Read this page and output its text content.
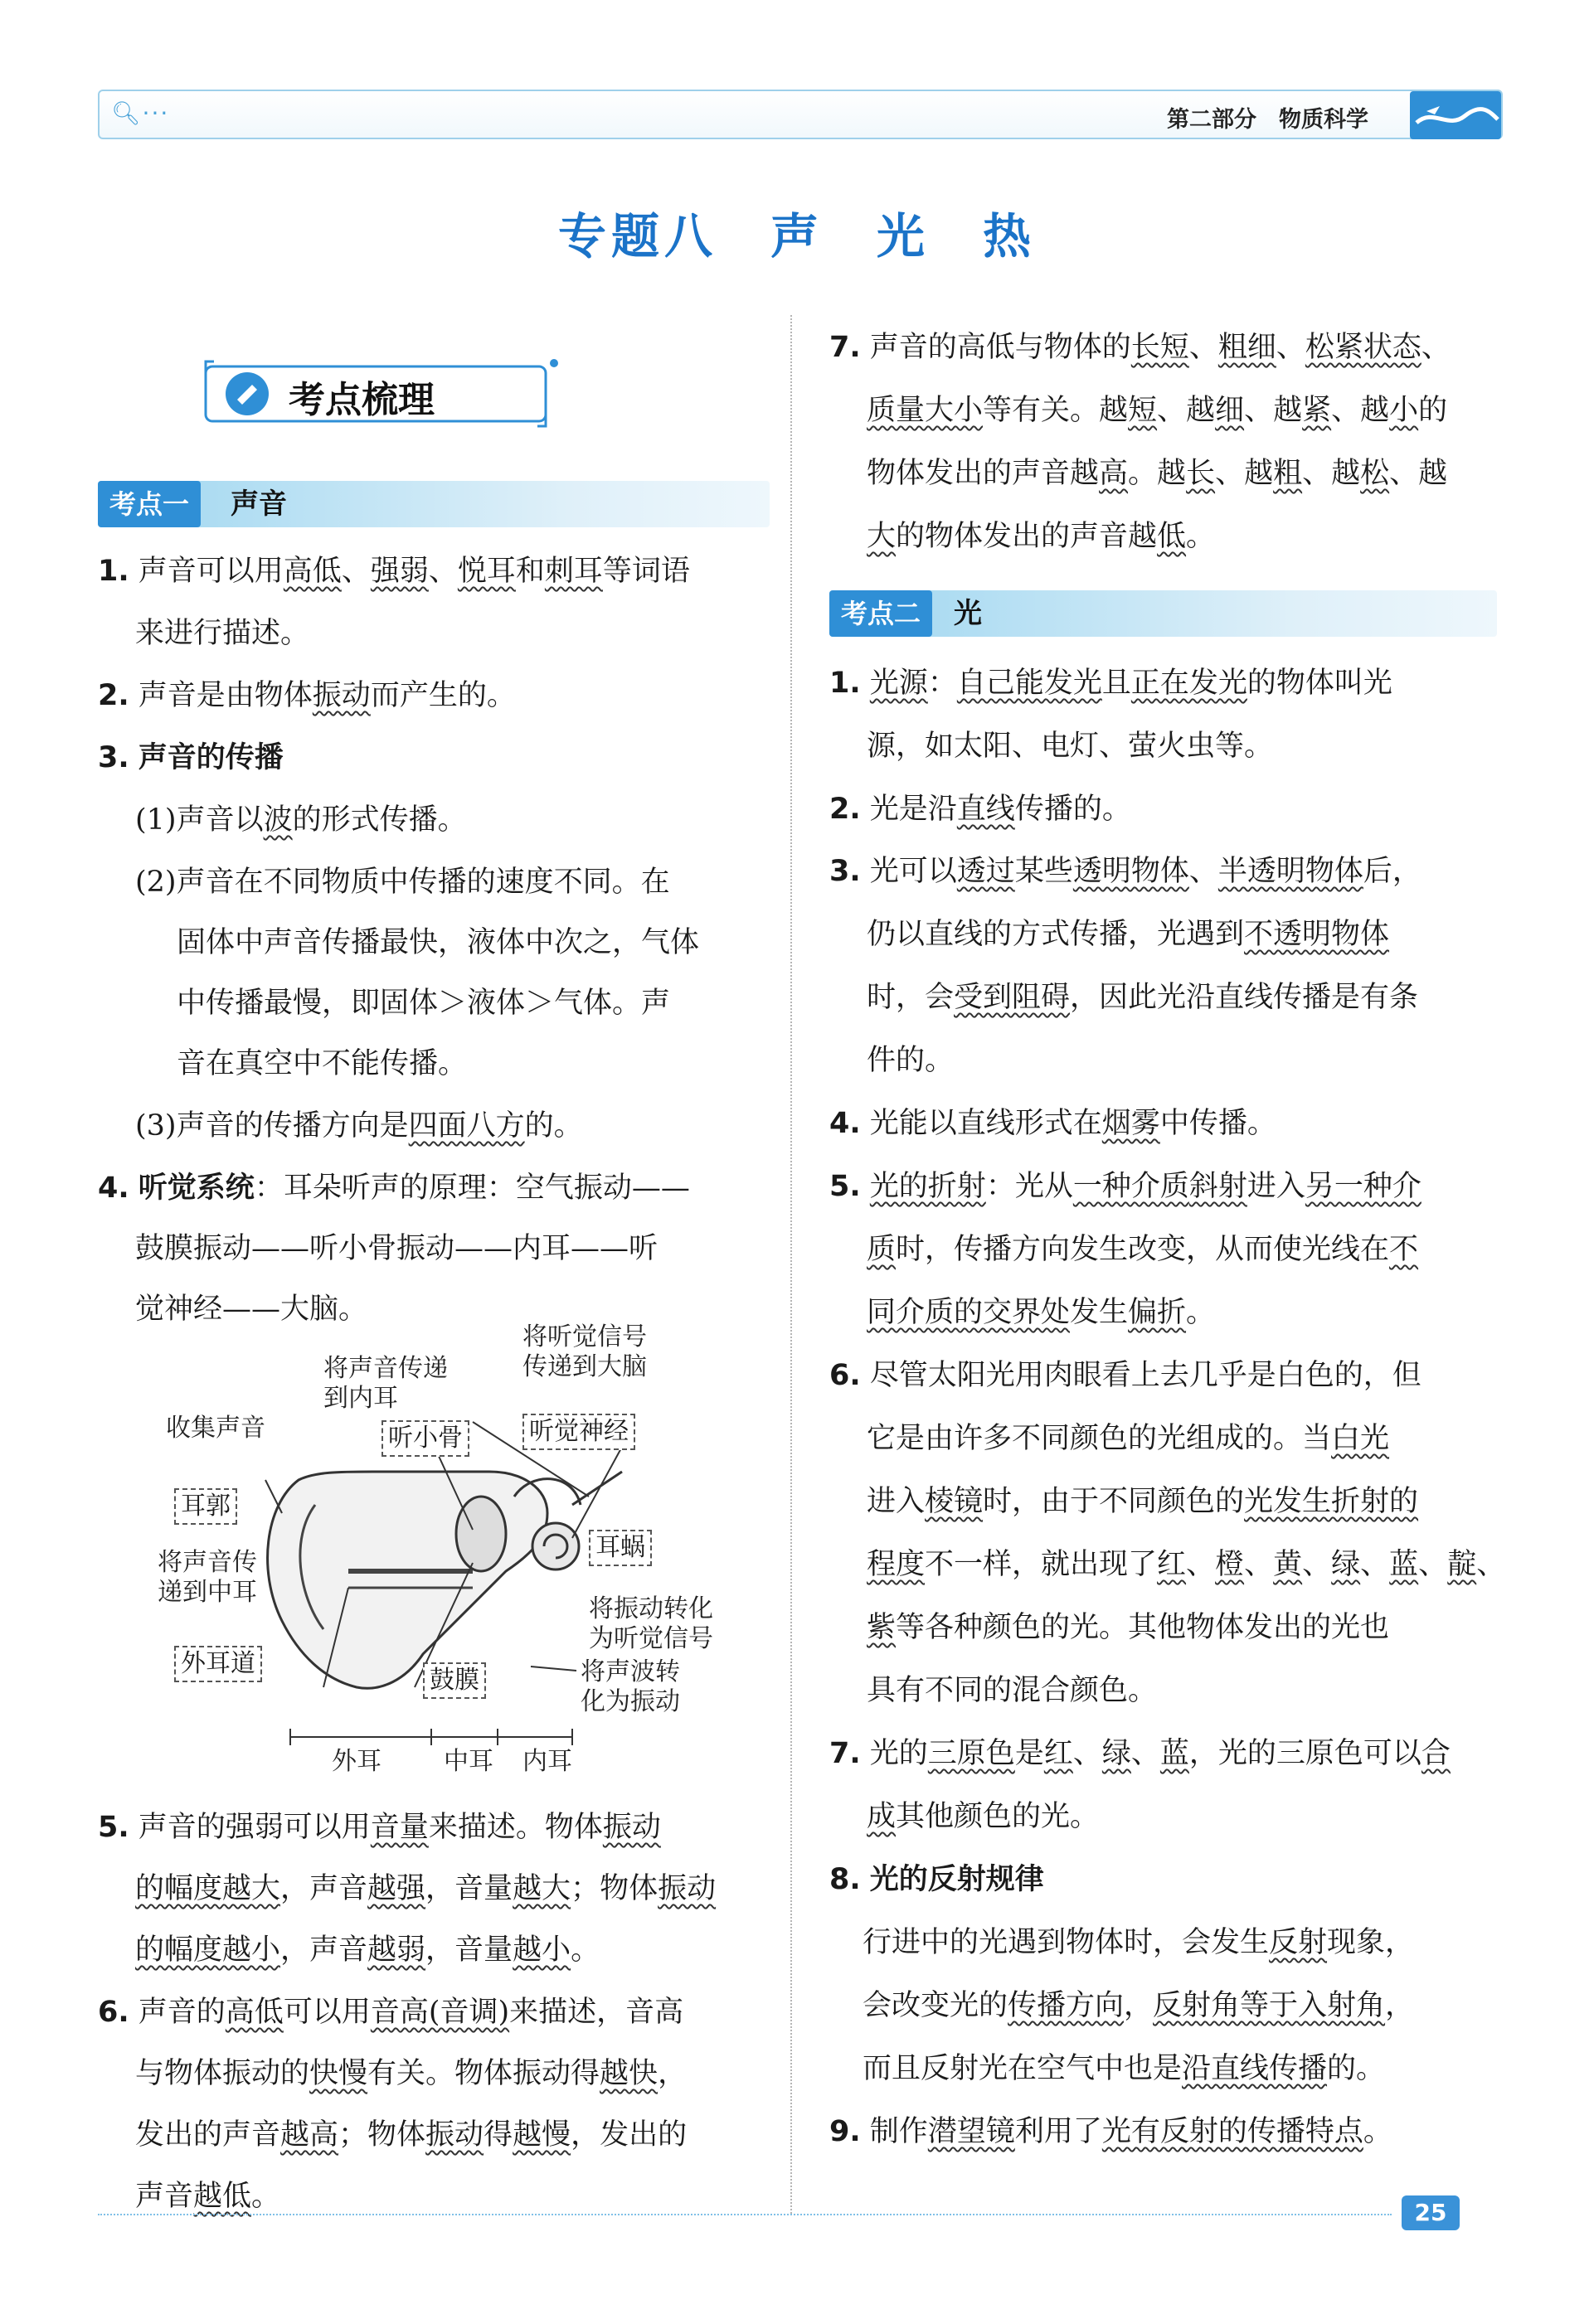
🔍︎···	第二部分　物质科学
专题八　声　光　热
考点梳理
考点一	声音
1. 声音可以用高低、强弱、悦耳和刺耳等词语
来进行描述。
2. 声音是由物体振动而产生的。
3. 声音的传播
(1)声音以波的形式传播。
(2)声音在不同物质中传播的速度不同。在
固体中声音传播最快，液体中次之，气体
中传播最慢，即固体＞液体＞气体。声
音在真空中不能传播。
(3)声音的传播方向是四面八方的。
4. 听觉系统：耳朵听声的原理：空气振动——
鼓膜振动——听小骨振动——内耳——听
觉神经——大脑。
5. 声音的强弱可以用音量来描述。物体振动
的幅度越大，声音越强，音量越大；物体振动
的幅度越小，声音越弱，音量越小。
6. 声音的高低可以用音高(音调)来描述，音高
与物体振动的快慢有关。物体振动得越快，
发出的声音越高；物体振动得越慢，发出的
声音越低。
将声音传递
到内耳
将听觉信号
传递到大脑
收集声音	听小骨	听觉神经
耳郭
耳蜗
将声音传
递到中耳
将振动转化
为听觉信号
外耳道
鼓膜	将声波转
化为振动
外耳	中耳 内耳
7. 声音的高低与物体的长短、粗细、松紧状态、
质量大小等有关。越短、越细、越紧、越小的
物体发出的声音越高。越长、越粗、越松、越
大的物体发出的声音越低。
考点二	光
1. 光源：自己能发光且正在发光的物体叫光
源，如太阳、电灯、萤火虫等。
2. 光是沿直线传播的。
3. 光可以透过某些透明物体、半透明物体后，
仍以直线的方式传播，光遇到不透明物体
时，会受到阻碍，因此光沿直线传播是有条
件的。
4. 光能以直线形式在烟雾中传播。
5. 光的折射：光从一种介质斜射进入另一种介
质时，传播方向发生改变，从而使光线在不
同介质的交界处发生偏折。
6. 尽管太阳光用肉眼看上去几乎是白色的，但
它是由许多不同颜色的光组成的。当白光
进入棱镜时，由于不同颜色的光发生折射的
程度不一样，就出现了红、橙、黄、绿、蓝、靛、
紫等各种颜色的光。其他物体发出的光也
具有不同的混合颜色。
7. 光的三原色是红、绿、蓝，光的三原色可以合
成其他颜色的光。
8. 光的反射规律
行进中的光遇到物体时，会发生反射现象，
会改变光的传播方向，反射角等于入射角，
而且反射光在空气中也是沿直线传播的。
9. 制作潜望镜利用了光有反射的传播特点。
25
